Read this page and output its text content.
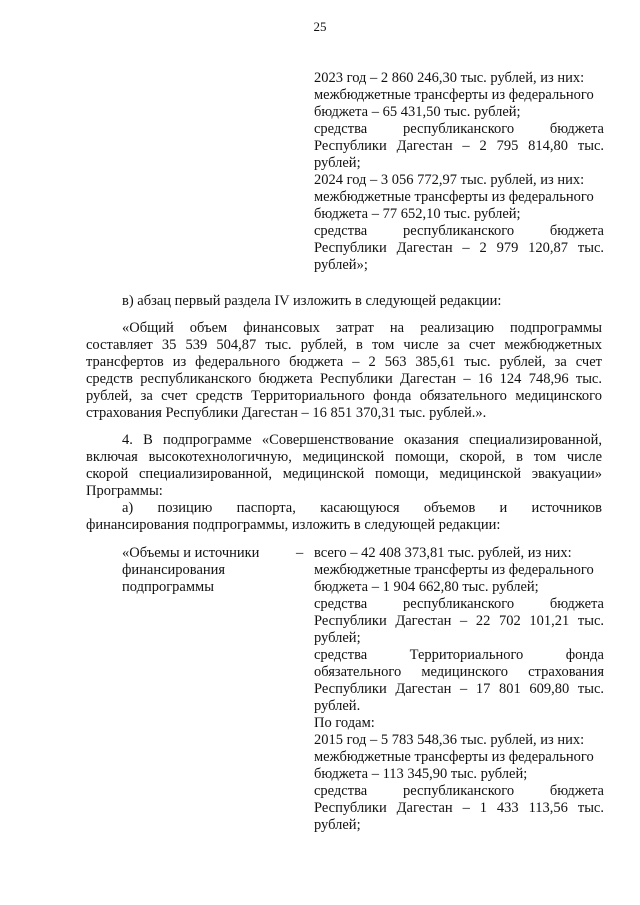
25
2023 год – 2 860 246,30 тыс. рублей, из них:
межбюджетные трансферты из федерального
бюджета – 65 431,50 тыс. рублей;
средства республиканского бюджета
Республики Дагестан – 2 795 814,80 тыс.
рублей;
2024 год – 3 056 772,97 тыс. рублей, из них:
межбюджетные трансферты из федерального
бюджета – 77 652,10 тыс. рублей;
средства республиканского бюджета
Республики Дагестан – 2 979 120,87 тыс.
рублей»;
в) абзац первый раздела IV изложить в следующей редакции:
«Общий объем финансовых затрат на реализацию подпрограммы
составляет 35 539 504,87 тыс. рублей, в том числе за счет межбюджетных
трансфертов из федерального бюджета – 2 563 385,61 тыс. рублей, за счет
средств республиканского бюджета Республики Дагестан – 16 124 748,96 тыс.
рублей, за счет средств Территориального фонда обязательного медицинского
страхования Республики Дагестан – 16 851 370,31 тыс. рублей.».
4. В подпрограмме «Совершенствование оказания специализированной,
включая высокотехнологичную, медицинской помощи, скорой, в том числе
скорой специализированной, медицинской помощи, медицинской эвакуации»
Программы:
а) позицию паспорта, касающуюся объемов и источников
финансирования подпрограммы, изложить в следующей редакции:
«Объемы и источники
финансирования
подпрограммы
– всего – 42 408 373,81 тыс. рублей, из них:
межбюджетные трансферты из федерального
бюджета – 1 904 662,80 тыс. рублей;
средства республиканского бюджета
Республики Дагестан – 22 702 101,21 тыс.
рублей;
средства Территориального фонда
обязательного медицинского страхования
Республики Дагестан – 17 801 609,80 тыс.
рублей.
По годам:
2015 год – 5 783 548,36 тыс. рублей, из них:
межбюджетные трансферты из федерального
бюджета – 113 345,90 тыс. рублей;
средства республиканского бюджета
Республики Дагестан – 1 433 113,56 тыс.
рублей;
